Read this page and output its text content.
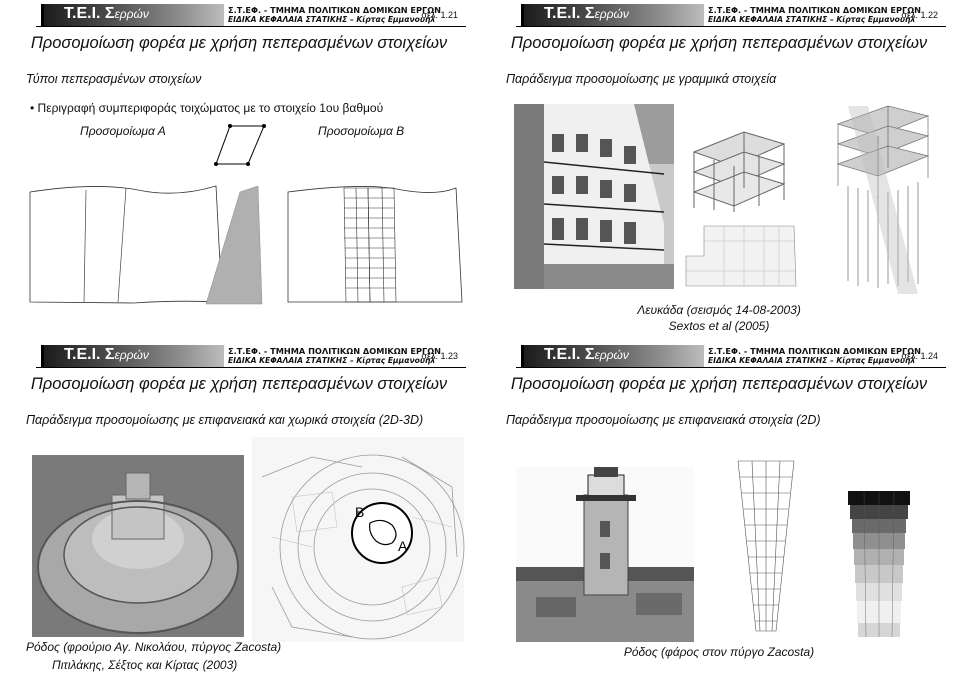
Τ.Ε.Ι. Σερρών	Σ.Τ.ΕΦ. - ΤΜΗΜΑ ΠΟΛΙΤΙΚΩΝ ΔΟΜΙΚΩΝ ΕΡΓΩΝ
ΕΙΔΙΚΑ ΚΕΦΑΛΑΙΑ ΣΤΑΤΙΚΗΣ – Κίρτας Εμμανουήλ
σελ. 1.21
Προσομοίωση φορέα με χρήση πεπερασμένων στοιχείων
Τύποι πεπερασμένων στοιχείων
• Περιγραφή συμπεριφοράς τοιχώματος με το στοιχείο 1ου βαθμού
Προσομοίωμα Α	Προσομοίωμα Β
Τ.Ε.Ι. Σερρών	Σ.Τ.ΕΦ. - ΤΜΗΜΑ ΠΟΛΙΤΙΚΩΝ ΔΟΜΙΚΩΝ ΕΡΓΩΝ
ΕΙΔΙΚΑ ΚΕΦΑΛΑΙΑ ΣΤΑΤΙΚΗΣ – Κίρτας Εμμανουήλ
σελ. 1.22
Προσομοίωση φορέα με χρήση πεπερασμένων στοιχείων
Παράδειγμα προσομοίωσης με γραμμικά στοιχεία
Λευκάδα (σεισμός 14-08-2003)
Sextos et al (2005)
Τ.Ε.Ι. Σερρών	Σ.Τ.ΕΦ. - ΤΜΗΜΑ ΠΟΛΙΤΙΚΩΝ ΔΟΜΙΚΩΝ ΕΡΓΩΝ
ΕΙΔΙΚΑ ΚΕΦΑΛΑΙΑ ΣΤΑΤΙΚΗΣ – Κίρτας Εμμανουήλ
σελ. 1.23
Προσομοίωση φορέα με χρήση πεπερασμένων στοιχείων
Παράδειγμα προσομοίωσης με επιφανειακά και χωρικά στοιχεία (2D-3D)
B
A
Ρόδος (φρούριο Αγ. Νικολάου, πύργος Zacosta)
Πιτιλάκης, Σέξτος και Κίρτας (2003)
Τ.Ε.Ι. Σερρών	Σ.Τ.ΕΦ. - ΤΜΗΜΑ ΠΟΛΙΤΙΚΩΝ ΔΟΜΙΚΩΝ ΕΡΓΩΝ
ΕΙΔΙΚΑ ΚΕΦΑΛΑΙΑ ΣΤΑΤΙΚΗΣ – Κίρτας Εμμανουήλ
σελ. 1.24
Προσομοίωση φορέα με χρήση πεπερασμένων στοιχείων
Παράδειγμα προσομοίωσης με επιφανειακά στοιχεία (2D)
Ρόδος (φάρος στον πύργο Zacosta)
